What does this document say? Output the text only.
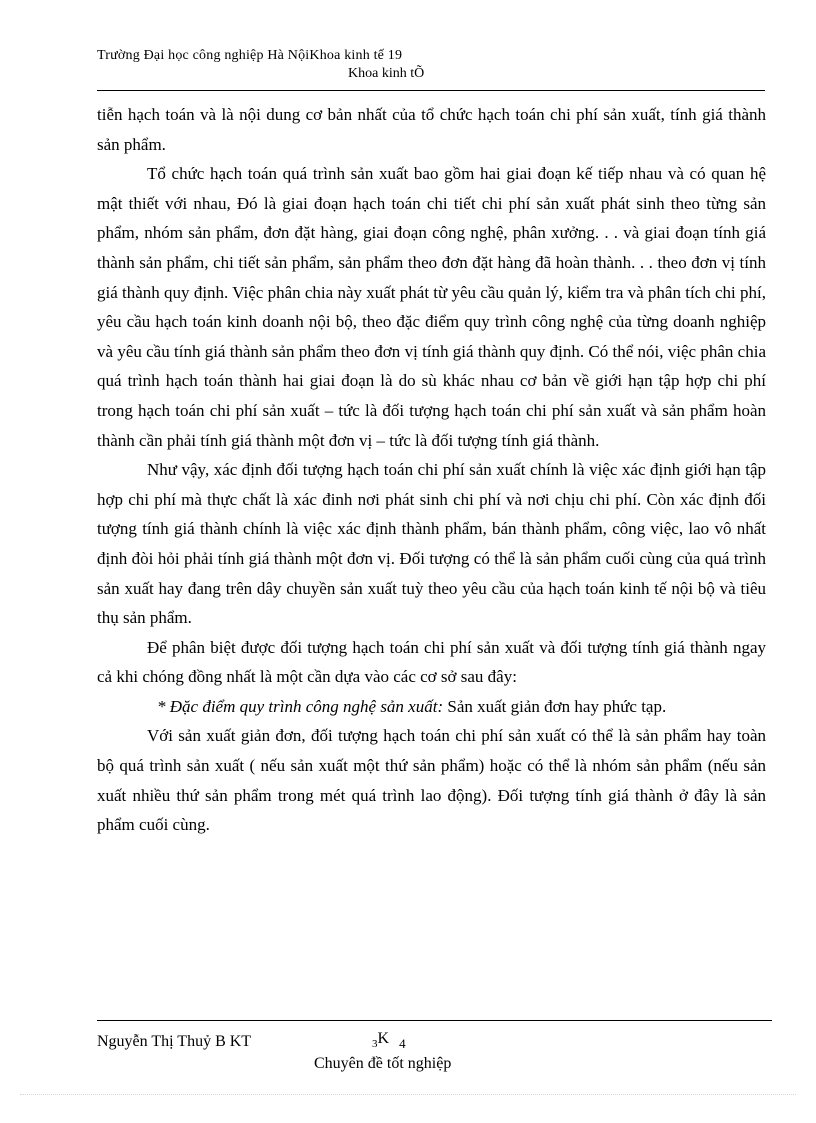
Trường Đại học công nghiệp Hà NộiKhoa kinh tế 19
Khoa kinh tÕ

tiễn hạch toán và là nội dung cơ bản nhất của tổ chức hạch toán chi phí sản xuất, tính giá thành sản phẩm.

Tổ chức hạch toán quá trình sản xuất bao gồm hai giai đoạn kế tiếp nhau và có quan hệ mật thiết với nhau, Đó là giai đoạn hạch toán chi tiết chi phí sản xuất phát sinh theo từng sản phẩm, nhóm sản phẩm, đơn đặt hàng, giai đoạn công nghệ, phân xưởng. . . và giai đoạn tính giá thành sản phẩm, chi tiết sản phẩm, sản phẩm theo đơn đặt hàng đã hoàn thành. . . theo đơn vị tính giá thành quy định. Việc phân chia này xuất phát từ yêu cầu quản lý, kiểm tra và phân tích chi phí, yêu cầu hạch toán kinh doanh nội bộ, theo đặc điểm quy trình công nghệ của từng doanh nghiệp và yêu cầu tính giá thành sản phẩm theo đơn vị tính giá thành quy định. Có thể nói, việc phân chia quá trình hạch toán thành hai giai đoạn là do sù khác nhau cơ bản về giới hạn tập hợp chi phí trong hạch toán chi phí sản xuất – tức là đối tượng hạch toán chi phí sản xuất và sản phẩm hoàn thành cần phải tính giá thành một đơn vị – tức là đối tượng tính giá thành.

Như vậy, xác định đối tượng hạch toán chi phí sản xuất chính là việc xác định giới hạn tập hợp chi phí mà thực chất là xác đinh nơi phát sinh chi phí và nơi chịu chi phí. Còn xác định đối tượng tính giá thành chính là việc xác định thành phẩm, bán thành phẩm, công việc, lao vô nhất định đòi hỏi phải tính giá thành một đơn vị. Đối tượng có thể là sản phẩm cuối cùng của quá trình sản xuất hay đang trên dây chuyền sản xuất tuỳ theo yêu cầu của hạch toán kinh tế nội bộ và tiêu thụ sản phẩm.

Để phân biệt được đối tượng hạch toán chi phí sản xuất và đối tượng tính giá thành ngay cả khi chóng đồng nhất là một cần dựa vào các cơ sở sau đây:

* Đặc điểm quy trình công nghệ sản xuất: Sản xuất giản đơn hay phức tạp.

Với sản xuất giản đơn, đối tượng hạch toán chi phí sản xuất có thể là sản phẩm hay toàn bộ quá trình sản xuất ( nếu sản xuất một thứ sản phẩm) hoặc có thể là nhóm sản phẩm (nếu sản xuất nhiều thứ sản phẩm trong mét quá trình lao động). Đối tượng tính giá thành ở đây là sản phẩm cuối cùng.

Nguyễn Thị Thuỷ B KT	$_3$K $_4$
Chuyên đề tốt nghiệp
